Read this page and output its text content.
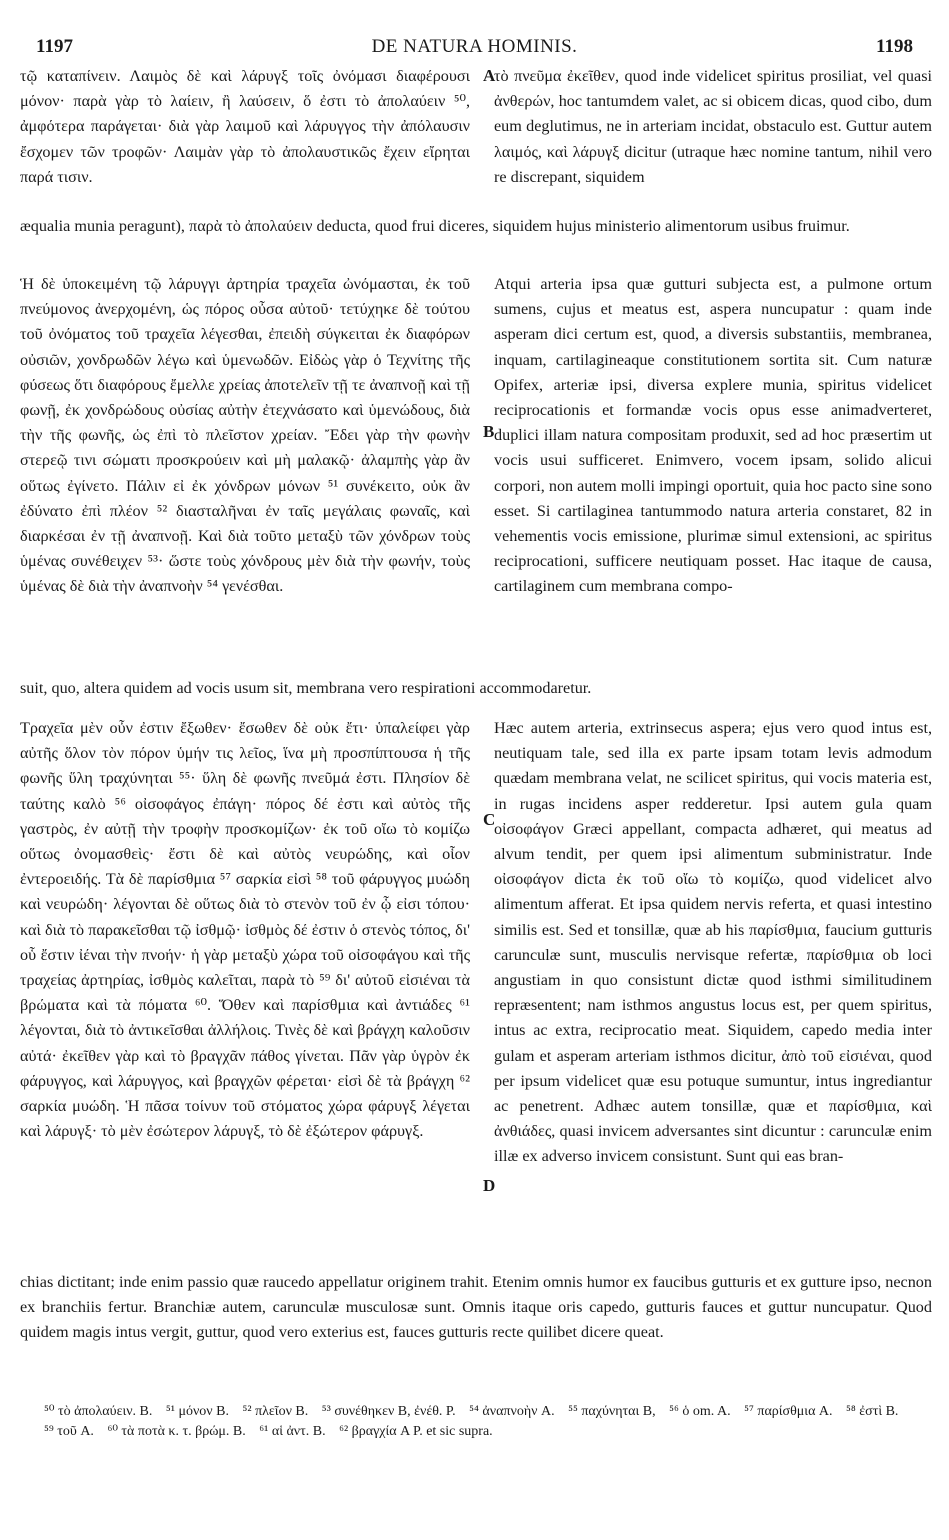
1197	DE NATURA HOMINIS.	1198
τῷ καταπίνειν. Λαιμὸς δὲ καὶ λάρυγξ τοῖς ὀνόμασι διαφέρουσι μόνον· παρὰ γὰρ τὸ λαίειν, ἢ λαύσειν, ὅ ἐστι τὸ ἀπολαύειν ⁵⁰, ἀμφότερα παράγεται· διὰ γὰρ λαιμοῦ καὶ λάρυγγος τὴν ἀπόλαυσιν ἔσχομεν τῶν τροφῶν· Λαιμὰν γὰρ τὸ ἀπολαυστικῶς ἔχειν εἴρηται παρά τισιν.
A
τὸ πνεῦμα ἐκεῖθεν, quod inde videlicet spiritus prosiliat, vel quasi ἀνθερών, hoc tantumdem valet, ac si obicem dicas, quod cibo, dum eum deglutimus, ne in arteriam incidat, obstaculo est. Guttur autem λαιμός, καὶ λάρυγξ dicitur (utraque hæc nomine tantum, nihil vero re discrepant, siquidem
æqualia munia peragunt), παρὰ τὸ ἀπολαύειν deducta, quod frui diceres, siquidem hujus ministerio alimentorum usibus fruimur.
Ἡ δὲ ὑποκειμένη τῷ λάρυγγι ἀρτηρία τραχεῖα ὠνόμασται, ἐκ τοῦ πνεύμονος ἀνερχομένη, ὡς πόρος οὖσα αὐτοῦ· τετύχηκε δὲ τούτου τοῦ ὀνόματος τοῦ τραχεῖα λέγεσθαι, ἐπειδὴ σύγκειται ἐκ διαφόρων οὐσιῶν, χονδρωδῶν λέγω καὶ ὑμενωδῶν. Εἰδὼς γὰρ ὁ Τεχνίτης τῆς φύσεως ὅτι διαφόρους ἔμελλε χρείας ἀποτελεῖν τῇ τε ἀναπνοῇ καὶ τῇ φωνῇ, ἐκ χονδρώδους οὐσίας αὐτὴν ἐτεχνάσατο καὶ ὑμενώδους, διὰ τὴν τῆς φωνῆς, ὡς ἐπὶ τὸ πλεῖστον χρείαν. Ἔδει γὰρ τὴν φωνὴν στερεῷ τινι σώματι προσκρούειν καὶ μὴ μαλακῷ· ἀλαμπὴς γὰρ ἂν οὕτως ἐγίνετο. Πάλιν εἰ ἐκ χόνδρων μόνων ⁵¹ συνέκειτο, οὐκ ἂν ἐδύνατο ἐπὶ πλέον ⁵² διασταλῆναι ἐν ταῖς μεγάλαις φωναῖς, καὶ διαρκέσαι ἐν τῇ ἀναπνοῇ. Καὶ διὰ τοῦτο μεταξὺ τῶν χόνδρων τοὺς ὑμένας συνέθειχεν ⁵³· ὥστε τοὺς χόνδρους μὲν διὰ τὴν φωνήν, τοὺς ὑμένας δὲ διὰ τὴν ἀναπνοὴν ⁵⁴ γενέσθαι.
B
Atqui arteria ipsa quæ gutturi subjecta est, a pulmone ortum sumens, cujus et meatus est, aspera nuncupatur : quam inde asperam dici certum est, quod, a diversis substantiis, membranea, inquam, cartilagineaque constitutionem sortita sit. Cum naturæ Opifex, arteriæ ipsi, diversa explere munia, spiritus videlicet reciprocationis et formandæ vocis opus esse animadverteret, duplici illam natura compositam produxit, sed ad hoc præsertim ut vocis usui sufficeret. Enimvero, vocem ipsam, solido alicui corpori, non autem molli impingi oportuit, quia hoc pacto sine sono esset. Si cartilaginea tantummodo natura arteria constaret, 82 in vehementis vocis emissione, plurimæ simul extensioni, ac spiritus reciprocationi, sufficere neutiquam posset. Hac itaque de causa, cartilaginem cum membrana compo-
suit, quo, altera quidem ad vocis usum sit, membrana vero respirationi accommodaretur.
Τραχεῖα μὲν οὖν ἐστιν ἔξωθεν· ἔσωθεν δὲ οὐκ ἔτι· ὑπαλείφει γὰρ αὐτῆς ὅλον τὸν πόρον ὑμήν τις λεῖος, ἵνα μὴ προσπίπτουσα ἡ τῆς φωνῆς ὕλη τραχύνηται ⁵⁵· ὕλη δὲ φωνῆς πνεῦμά ἐστι. Πλησίον δὲ ταύτης καλὸ ⁵⁶ οἰσοφάγος ἐπάγη· πόρος δέ ἐστι καὶ αὐτὸς τῆς γαστρὸς, ἐν αὐτῇ τὴν τροφὴν προσκομίζων· ἐκ τοῦ οἴω τὸ κομίζω οὕτως ὀνομασθεὶς· ἔστι δὲ καὶ αὐτὸς νευρώδης, καὶ οἷον ἐντεροειδής. Τὰ δὲ παρίσθμια ⁵⁷ σαρκία εἰσὶ ⁵⁸ τοῦ φάρυγγος μυώδη καὶ νευρώδη· λέγονται δὲ οὕτως διὰ τὸ στενὸν τοῦ ἐν ᾧ εἰσι τόπου· καὶ διὰ τὸ παρακεῖσθαι τῷ ἰσθμῷ· ἰσθμὸς δέ ἐστιν ὁ στενὸς τόπος, δι' οὗ ἔστιν ἰέναι τὴν πνοήν· ἡ γὰρ μεταξὺ χώρα τοῦ οἰσοφάγου καὶ τῆς τραχείας ἀρτηρίας, ἰσθμὸς καλεῖται, παρὰ τὸ ⁵⁹ δι' αὐτοῦ εἰσιέναι τὰ βρώματα καὶ τὰ πόματα ⁶⁰. Ὅθεν καὶ παρίσθμια καὶ ἀντιάδες ⁶¹ λέγονται, διὰ τὸ ἀντικεῖσθαι ἀλλήλοις. Τινὲς δὲ καὶ βράγχη καλοῦσιν αὐτά· ἐκεῖθεν γὰρ καὶ τὸ βραγχᾶν πάθος γίνεται. Πᾶν γὰρ ὑγρὸν ἐκ φάρυγγος, καὶ λάρυγγος, καὶ βραγχῶν φέρεται· εἰσὶ δὲ τὰ βράγχη ⁶² σαρκία μυώδη. Ἡ πᾶσα τοίνυν τοῦ στόματος χώρα φάρυγξ λέγεται καὶ λάρυγξ· τὸ μὲν ἐσώτερον λάρυγξ, τὸ δὲ ἐξώτερον φάρυγξ.
C
D
Hæc autem arteria, extrinsecus aspera; ejus vero quod intus est, neutiquam tale, sed illa ex parte ipsam totam levis admodum quædam membrana velat, ne scilicet spiritus, qui vocis materia est, in rugas incidens asper redderetur. Ipsi autem gula quam οἰσοφάγον Græci appellant, compacta adhæret, qui meatus ad alvum tendit, per quem ipsi alimentum subministratur. Inde οἰσοφάγον dicta ἐκ τοῦ οἴω τὸ κομίζω, quod videlicet alvo alimentum afferat. Et ipsa quidem nervis referta, et quasi intestino similis est. Sed et tonsillæ, quæ ab his παρίσθμια, faucium gutturis carunculæ sunt, musculis nervisque refertæ, παρίσθμια ob loci angustiam in quo consistunt dictæ quod isthmi similitudinem repræsentent; nam isthmos angustus locus est, per quem spiritus, intus ac extra, reciprocatio meat. Siquidem, capedo media inter gulam et asperam arteriam isthmos dicitur, ἀπὸ τοῦ εἰσιέναι, quod per ipsum videlicet quæ esu potuque sumuntur, intus ingrediantur ac penetrent. Adhæc autem tonsillæ, quæ et παρίσθμια, καὶ ἀνθιάδες, quasi invicem adversantes sint dicuntur : carunculæ enim illæ ex adverso invicem consistunt. Sunt qui eas bran-
chias dictitant; inde enim passio quæ raucedo appellatur originem trahit. Etenim omnis humor ex faucibus gutturis et ex gutture ipso, necnon ex branchiis fertur. Branchiæ autem, carunculæ musculosæ sunt. Omnis itaque oris capedo, gutturis fauces et guttur nuncupatur. Quod quidem magis intus vergit, guttur, quod vero exterius est, fauces gutturis recte quilibet dicere queat.
⁵⁰ τὸ ἀπολαύειν. B. ⁵¹ μόνον B. ⁵² πλεῖον B. ⁵³ συνέθηκεν B, ἐνέθ. P. ⁵⁴ ἀναπνοὴν A. ⁵⁵ παχύνηται B, ⁵⁶ ὁ om. A. ⁵⁷ παρίσθμια A. ⁵⁸ ἐστὶ B. ⁵⁹ τοῦ A. ⁶⁰ τὰ ποτὰ κ. τ. βρώμ. B. ⁶¹ αἱ ἀντ. B. ⁶² βραγχία A P. et sic supra.
